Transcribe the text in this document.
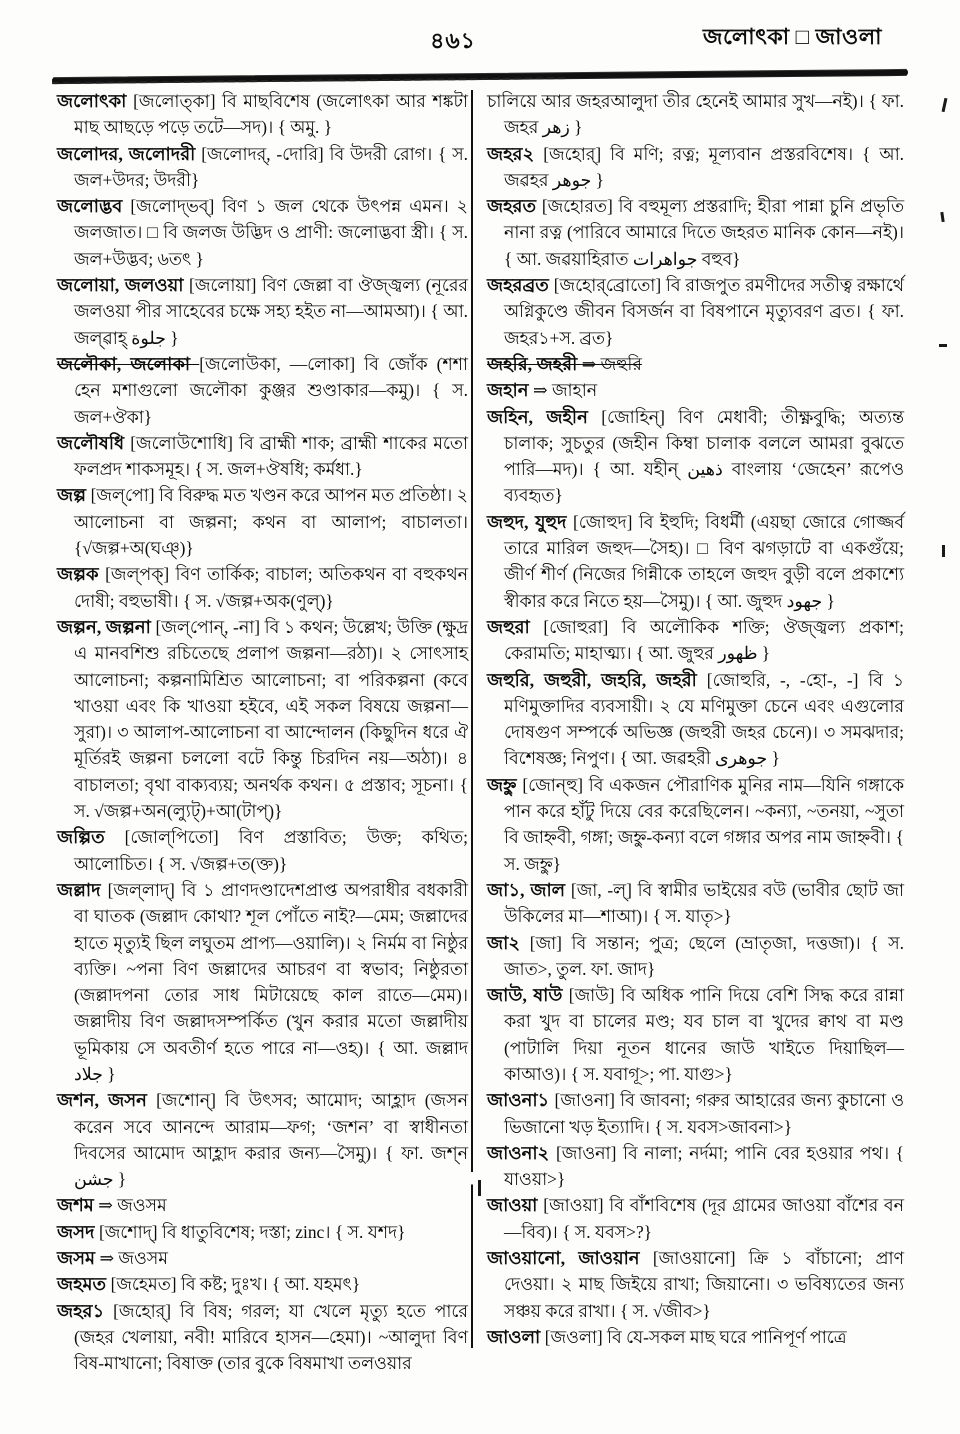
৪৬১	জলোৎকা □ জাওলা

জলোৎকা [জলোত্‌কা] বি মাছবিশেষ (জলোৎকা আর শঙ্কটা মাছ আছড়ে পড়ে তটে—সদ)। { অমু. }

জলোদর, জলোদরী [জলোদর্, -দোরি] বি উদরী রোগ। { স. জল+উদর; উদরী}

জলোদ্ভব [জলোদ্‌ভব্] বিণ ১ জল থেকে উৎপন্ন এমন। ২ জলজাত। □ বি জলজ উদ্ভিদ ও প্রাণী: জলোদ্ভবা স্ত্রী। { স. জল+উদ্ভব; ৬তৎ }

জলোয়া, জলওয়া [জলোয়া] বিণ জেল্লা বা ঔজ্জ্বল্য (নূরের জলওয়া পীর সাহেবের চক্ষে সহ্য হইত না—আমআ)। { আ. জল্‌ৱাহ্ جلوة }

জলৌকা, জলোকা [জলোউকা, —লোকা] বি জোঁক (শশা হেন মশাগুলো জলৌকা কুঞ্জর শুণ্ডাকার—কমু)। { স. জল+ঔকা}

জলৌষধি [জলোউশোধি] বি ব্রাহ্মী শাক; ব্রাহ্মী শাকের মতো ফলপ্রদ শাকসমূহ। { স. জল+ঔষধি; কর্মধা.}

জল্প [জল্‌পো] বি বিরুদ্ধ মত খণ্ডন করে আপন মত প্রতিষ্ঠা। ২ আলোচনা বা জল্পনা; কথন বা আলাপ; বাচালতা। {√জল্প+অ(ঘঞ্)}

জল্পক [জল্‌পক্] বিণ তার্কিক; বাচাল; অতিকথন বা বহুকথন দোষী; বহুভাষী। { স. √জল্প+অক(ণুল্)}

জল্পন, জল্পনা [জল্‌পোন্, -না] বি ১ কথন; উল্লেখ; উক্তি (ক্ষুদ্র এ মানবশিশু রচিতেছে প্রলাপ জল্পনা—রঠা)। ২ সোৎসাহ আলোচনা; কল্পনামিশ্রিত আলোচনা; বা পরিকল্পনা (কবে খাওয়া এবং কি খাওয়া হইবে, এই সকল বিষয়ে জল্পনা—সুরা)। ৩ আলাপ-আলোচনা বা আন্দোলন (কিছুদিন ধরে ঐ মূর্তিরই জল্পনা চললো বটে কিন্তু চিরদিন নয়—অঠা)। ৪ বাচালতা; বৃথা বাক্যব্যয়; অনর্থক কথন। ৫ প্রস্তাব; সূচনা। { স. √জল্প+অন(ল্যুট্)+আ(টাপ্)}

জল্পিত [জোল্‌পিতো] বিণ প্রস্তাবিত; উক্ত; কথিত; আলোচিত। { স. √জল্প+ত(ক্ত)}

জল্লাদ [জল্‌লাদ্] বি ১ প্রাণদণ্ডাদেশপ্রাপ্ত অপরাধীর বধকারী বা ঘাতক (জল্লাদ কোথা? শূল পোঁতে নাই?—মেম; জল্লাদের হাতে মৃত্যুই ছিল লঘুতম প্রাপ্য—ওয়ালি)। ২ নির্মম বা নিষ্ঠুর ব্যক্তি। ~পনা বিণ জল্লাদের আচরণ বা স্বভাব; নিষ্ঠুরতা (জল্লাদপনা তোর সাধ মিটায়েছে কাল রাতে—মেম)। জল্লাদীয় বিণ জল্লাদসম্পর্কিত (খুন করার মতো জল্লাদীয় ভূমিকায় সে অবতীর্ণ হতে পারে না—ওহ)। { আ. জল্লাদ جلاد }

জশন, জসন [জশোন্] বি উৎসব; আমোদ; আহ্লাদ (জসন করেন সবে আনন্দে আরাম—ফগ; ‘জশন’ বা স্বাধীনতা দিবসের আমোদ আহ্লাদ করার জন্য—সৈমু)। { ফা. জশ্‌ন جشن }

জশম ⇒ জওসম

জসদ [জশোদ্] বি ধাতুবিশেষ; দস্তা; zinc। { স. যশদ}

জসম ⇒ জওসম

জহমত [জহেমত] বি কষ্ট; দুঃখ। { আ. যহমৎ}

জহর১ [জহোর্] বি বিষ; গরল; যা খেলে মৃত্যু হতে পারে (জহর খেলায়া, নবী! মারিবে হাসন—হেমা)। ~আলুদা বিণ বিষ-মাখানো; বিষাক্ত (তার বুকে বিষমাখা তলওয়ার

চালিয়ে আর জহরআলুদা তীর হেনেই আমার সুখ—নই)। { ফা. জহর زهر }

জহর২ [জহোর্] বি মণি; রত্ন; মূল্যবান প্রস্তরবিশেষ। { আ. জৱহর جوهر }

জহরত [জহোরত] বি বহুমূল্য প্রস্তরাদি; হীরা পান্না চুনি প্রভৃতি নানা রত্ন (পারিবে আমারে দিতে জহরত মানিক কোন—নই)। { আ. জৱয়াহিরাত جواهرات বহুব}

জহরব্রত [জহোর্‌ব্রোতো] বি রাজপুত রমণীদের সতীত্ব রক্ষার্থে অগ্নিকুণ্ডে জীবন বিসর্জন বা বিষপানে মৃত্যুবরণ ব্রত। { ফা. জহর১+স. ব্রত}

জহরি, জহরী ⇒ জহুরি

জহান ⇒ জাহান

জহিন, জহীন [জোহিন্] বিণ মেধাবী; তীক্ষ্ণবুদ্ধি; অত্যন্ত চালাক; সুচতুর (জহীন কিম্বা চালাক বললে আমরা বুঝতে পারি—মদ)। { আ. যহীন্ ذهين বাংলায় ‘জেহেন’ রূপেও ব্যবহৃত}

জহুদ, যুহুদ [জোহুদ] বি ইহুদি; বিধর্মী (এয়ছা জোরে গোজ্জর্ব তারে মারিল জহুদ—সৈহ)। □ বিণ ঝগড়াটে বা একগুঁয়ে; জীর্ণ শীর্ণ (নিজের গিন্নীকে তাহলে জহুদ বুড়ী বলে প্রকাশ্যে স্বীকার করে নিতে হয়—সৈমু)। { আ. জুহুদ جهود }

জহুরা [জোহুরা] বি অলৌকিক শক্তি; ঔজ্জ্বল্য প্রকাশ; কেরামতি; মাহাত্ম্য। { আ. জুহুর ظهور }

জহুরি, জহুরী, জহরি, জহরী [জোহুরি, -, -হো-, -] বি ১ মণিমুক্তাদির ব্যবসায়ী। ২ যে মণিমুক্তা চেনে এবং এগুলোর দোষগুণ সম্পর্কে অভিজ্ঞ (জহুরী জহর চেনে)। ৩ সমঝদার; বিশেষজ্ঞ; নিপুণ। { আ. জৱহরী جوهرى }

জহ্নু [জোন্‌হু] বি একজন পৌরাণিক মুনির নাম—যিনি গঙ্গাকে পান করে হাঁটু দিয়ে বের করেছিলেন। ~কন্যা, ~তনয়া, ~সুতা বি জাহ্নবী, গঙ্গা; জহ্নু-কন্যা বলে গঙ্গার অপর নাম জাহ্নবী। { স. জহ্নু}

জা১, জাল [জা, -ল্] বি স্বামীর ভাইয়ের বউ (ভাবীর ছোট জা উকিলের মা—শাআ)। { স. যাতৃ>}

জা২ [জা] বি সন্তান; পুত্র; ছেলে (ভ্রাতৃজা, দত্তজা)। { স. জাত>, তুল. ফা. জাদ}

জাউ, ষাউ [জাউ] বি অধিক পানি দিয়ে বেশি সিদ্ধ করে রান্না করা খুদ বা চালের মণ্ড; যব চাল বা খুদের ক্বাথ বা মণ্ড (পাটালি দিয়া নূতন ধানের জাউ খাইতে দিয়াছিল—কাআও)। { স. যবাগূ>; পা. যাগু>}

জাওনা১ [জাওনা] বি জাবনা; গরুর আহারের জন্য কুচানো ও ভিজানো খড় ইত্যাদি। { স. যবস>জাবনা>}

জাওনা২ [জাওনা] বি নালা; নর্দমা; পানি বের হওয়ার পথ। { যাওয়া>}

জাওয়া [জাওয়া] বি বাঁশবিশেষ (দূর গ্রামের জাওয়া বাঁশের বন—বিব)। { স. যবস>?}

জাওয়ানো, জাওয়ান [জাওয়ানো] ক্রি ১ বাঁচানো; প্রাণ দেওয়া। ২ মাছ জিইয়ে রাখা; জিয়ানো। ৩ ভবিষ্যতের জন্য সঞ্চয় করে রাখা। { স. √জীব>}

জাওলা [জওলা] বি যে-সকল মাছ ঘরে পানিপূর্ণ পাত্রে
